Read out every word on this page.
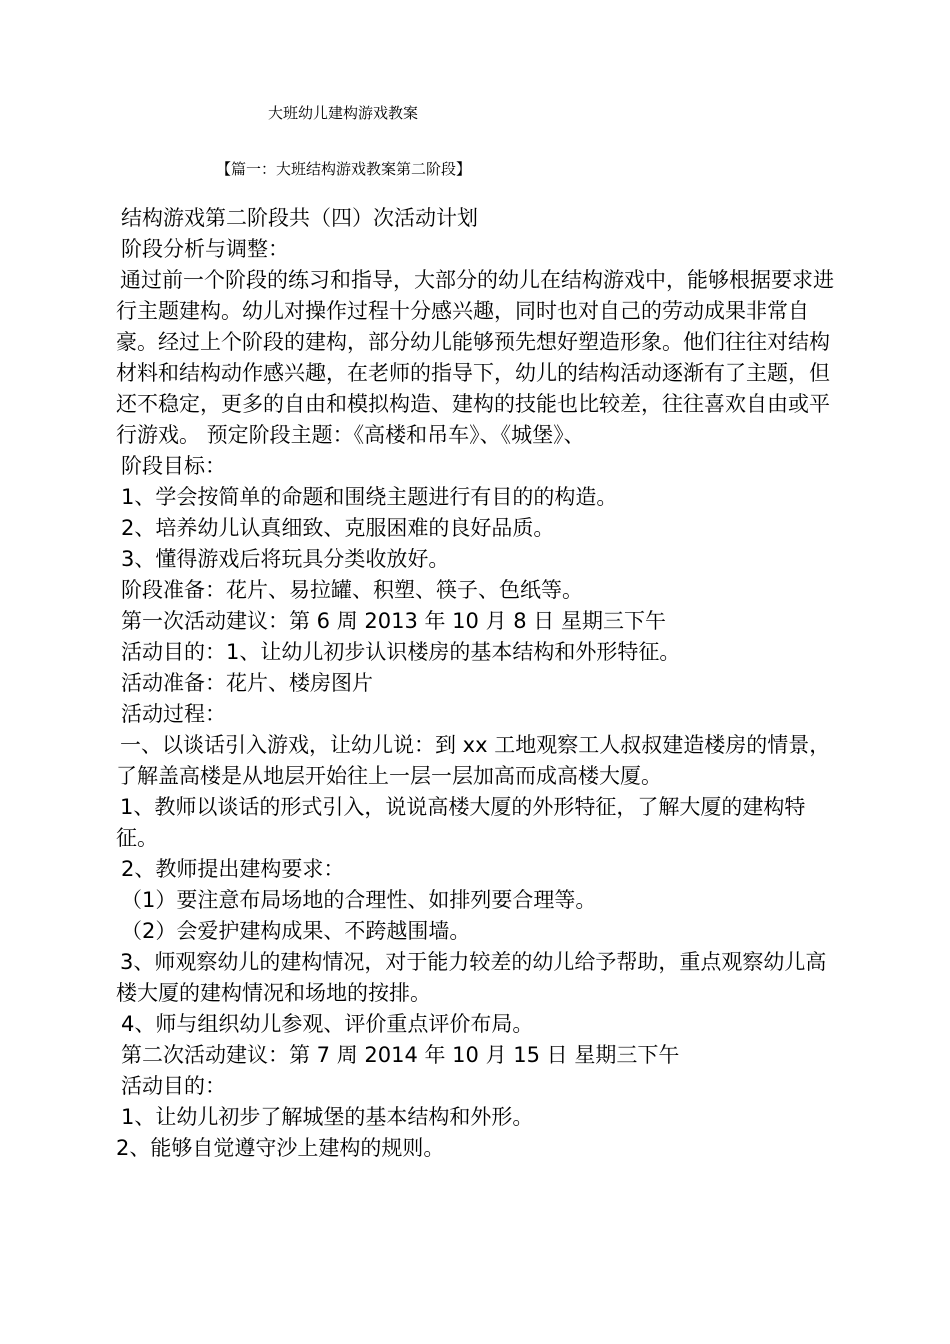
大班幼儿建构游戏教案
【篇一：大班结构游戏教案第二阶段】
结构游戏第二阶段共（四）次活动计划
阶段分析与调整：
通过前一个阶段的练习和指导，大部分的幼儿在结构游戏中，能够根据要求进行主题建构。幼儿对操作过程十分感兴趣，同时也对自己的劳动成果非常自豪。经过上个阶段的建构，部分幼儿能够预先想好塑造形象。他们往往对结构材料和结构动作感兴趣，在老师的指导下，幼儿的结构活动逐渐有了主题，但还不稳定，更多的自由和模拟构造、建构的技能也比较差，往往喜欢自由或平行游戏。 预定阶段主题：《高楼和吊车》、《城堡》、
阶段目标：
1、学会按简单的命题和围绕主题进行有目的的构造。
2、培养幼儿认真细致、克服困难的良好品质。
3、懂得游戏后将玩具分类收放好。
阶段准备：花片、易拉罐、积塑、筷子、色纸等。
第一次活动建议：第 6 周 2013 年 10 月 8 日 星期三下午
活动目的：1、让幼儿初步认识楼房的基本结构和外形特征。
活动准备：花片、楼房图片
活动过程：
一、以谈话引入游戏，让幼儿说：到 xx 工地观察工人叔叔建造楼房的情景，了解盖高楼是从地层开始往上一层一层加高而成高楼大厦。
1、教师以谈话的形式引入，说说高楼大厦的外形特征，了解大厦的建构特征。
2、教师提出建构要求：
（1）要注意布局场地的合理性、如排列要合理等。
（2）会爱护建构成果、不跨越围墙。
3、师观察幼儿的建构情况，对于能力较差的幼儿给予帮助，重点观察幼儿高楼大厦的建构情况和场地的按排。
4、师与组织幼儿参观、评价重点评价布局。
第二次活动建议：第 7 周 2014 年 10 月 15 日 星期三下午
活动目的：
1、让幼儿初步了解城堡的基本结构和外形。
2、能够自觉遵守沙上建构的规则。
